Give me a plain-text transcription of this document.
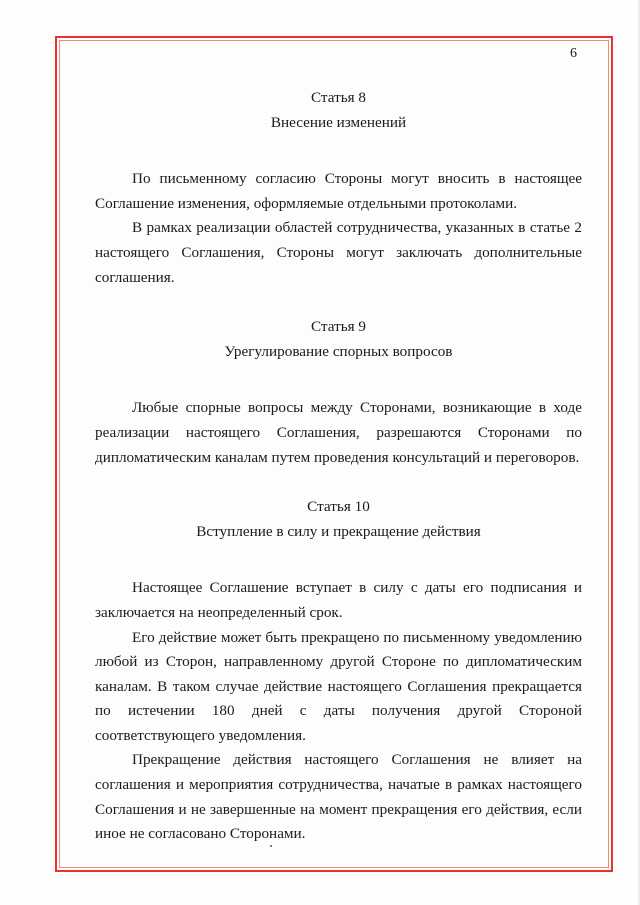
6

Статья 8

Внесение изменений

По письменному согласию Стороны могут вносить в настоящее Соглашение изменения, оформляемые отдельными протоколами.

В рамках реализации областей сотрудничества, указанных в статье 2 настоящего Соглашения, Стороны могут заключать дополнительные соглашения.

Статья 9

Урегулирование спорных вопросов

Любые спорные вопросы между Сторонами, возникающие в ходе реализации настоящего Соглашения, разрешаются Сторонами по дипломатическим каналам путем проведения консультаций и переговоров.

Статья 10

Вступление в силу и прекращение действия

Настоящее Соглашение вступает в силу с даты его подписания и заключается на неопределенный срок.

Его действие может быть прекращено по письменному уведомлению любой из Сторон, направленному другой Стороне по дипломатическим каналам. В таком случае действие настоящего Соглашения прекращается по истечении 180 дней с даты получения другой Стороной соответствующего уведомления.

Прекращение действия настоящего Соглашения не влияет на соглашения и мероприятия сотрудничества, начатые в рамках настоящего Соглашения и не завершенные на момент прекращения его действия, если иное не согласовано Сторонами.
